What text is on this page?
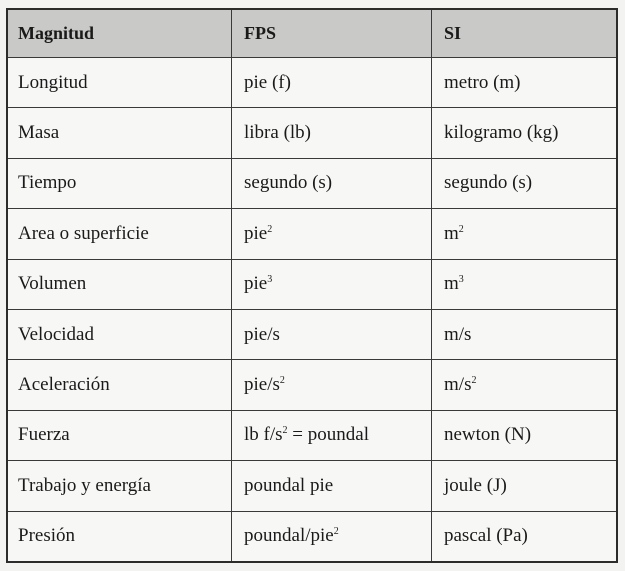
Magnitud	FPS	SI
Longitud	pie (f)	metro (m)
Masa	libra (lb)	kilogramo (kg)
Tiempo	segundo (s)	segundo (s)
Area o superficie	pie$^2$	$m^2$
Volumen	pie$^3$	$m^3$
Velocidad	pie/s	m/s
Aceleración	pie/$s^2$	$m/s^2$
Fuerza	lb $f/s^2$ = poundal	newton (N)
Trabajo y energía	poundal pie	joule (J)
Presión	poundal/pie$^2$	pascal (Pa)
